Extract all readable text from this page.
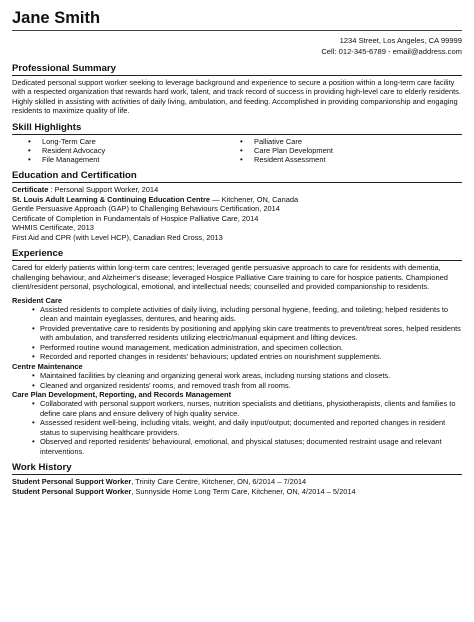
Jane Smith
1234 Street, Los Angeles, CA 99999
Cell: 012-345-6789 - email@address.com
Professional Summary

Dedicated personal support worker seeking to leverage background and experience to secure a position within a long-term care facility with a respected organization that rewards hard work, talent, and track record of success in providing high-level care to elderly residents. Highly skilled in assisting with activities of daily living, ambulation, and feeding. Accomplished in providing companionship and engaging residents to maximize quality of life.

Skill Highlights
• Long-Term Care
• Resident Advocacy
• File Management
• Palliative Care
• Care Plan Development
• Resident Assessment
Education and Certification
Certificate : Personal Support Worker, 2014
St. Louis Adult Learning & Continuing Education Centre — Kitchener, ON, Canada
Gentle Persuasive Approach (GAP) to Challenging Behaviours Certification, 2014
Certificate of Completion in Fundamentals of Hospice Palliative Care, 2014
WHMIS Certificate, 2013
First Aid and CPR (with Level HCP), Canadian Red Cross, 2013
Experience

Cared for elderly patients within long-term care centres; leveraged gentle persuasive approach to care for residents with dementia, challenging behaviour, and Alzheimer's disease; leveraged Hospice Palliative Care training to care for hospice patients. Championed client/resident personal, psychological, emotional, and intellectual needs; counselled and provided companionship to residents.

Resident Care
• Assisted residents to complete activities of daily living, including personal hygiene, feeding, and toileting; helped residents to clean and maintain eyeglasses, dentures, and hearing aids.
• Provided preventative care to residents by positioning and applying skin care treatments to prevent/treat sores, helped residents with ambulation, and transferred residents utilizing electric/manual equipment and lifting devices.
• Performed routine wound management, medication administration, and specimen collection.
• Recorded and reported changes in residents' behaviours; updated entries on nourishment supplements.
Centre Maintenance
• Maintained facilities by cleaning and organizing general work areas, including nursing stations and closets.
• Cleaned and organized residents' rooms, and removed trash from all rooms.
Care Plan Development, Reporting, and Records Management
• Collaborated with personal support workers, nurses, nutrition specialists and dietitians, physiotherapists, clients and families to define care plans and ensure delivery of high quality service.
• Assessed resident well-being, including vitals, weight, and daily input/output; documented and reported changes in resident status to supervising healthcare providers.
• Observed and reported residents' behavioural, emotional, and physical statuses; documented restraint usage and relevant interventions.
Work History
Student Personal Support Worker, Trinity Care Centre, Kitchener, ON, 6/2014 – 7/2014
Student Personal Support Worker, Sunnyside Home Long Term Care, Kitchener, ON, 4/2014 – 5/2014
